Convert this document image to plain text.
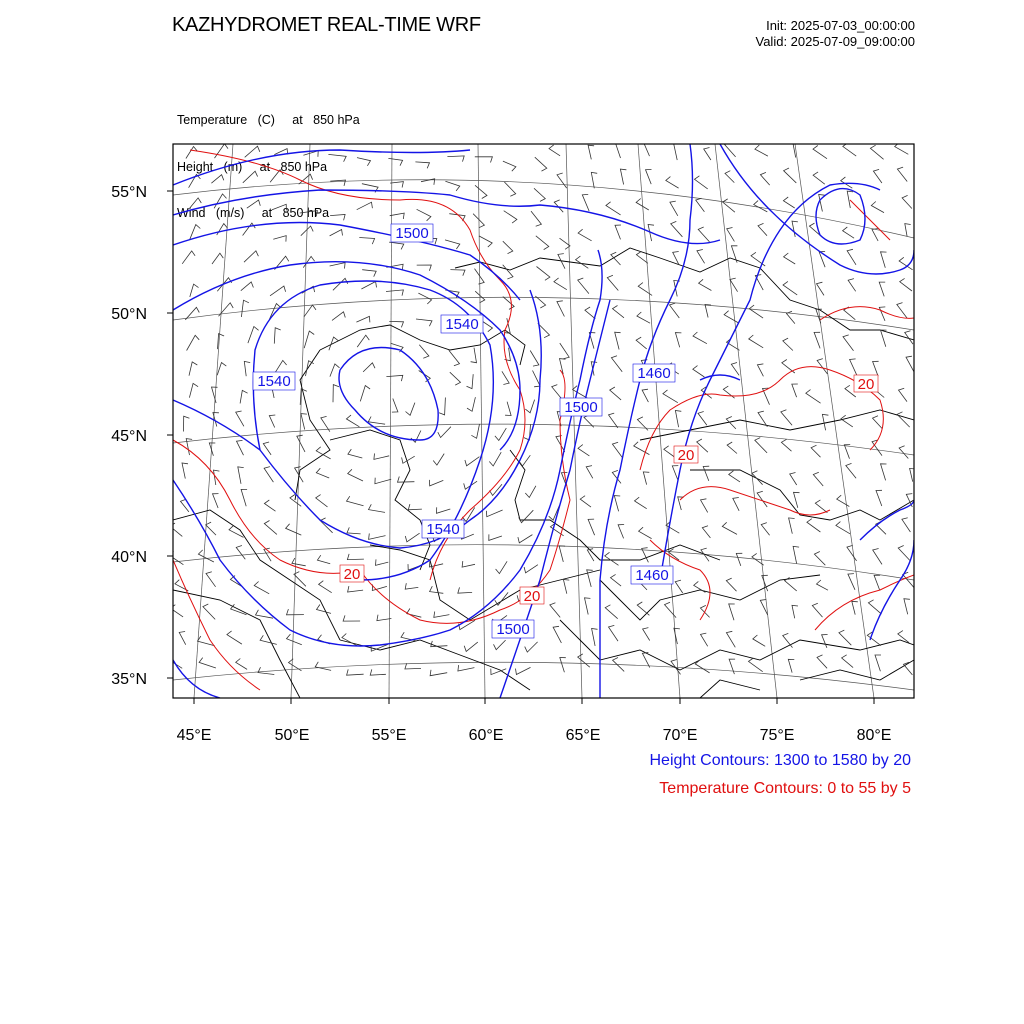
KAZHYDROMET REAL-TIME WRF	Init: 2025-07-03_00:00:00
Valid: 2025-07-09_09:00:00

Temperature   (C)     at   850 hPa

Height   (m)     at   850 hPa

Wind   (m/s)     at   850 hPa

1500
1540
1540
1500
1460
1540
1460
1500
20
20
20
20
55°N
50°N
45°N
40°N
35°N
45°E	50°E	55°E	60°E	65°E	70°E	75°E	80°E
Height Contours: 1300 to 1580 by 20
Temperature Contours: 0 to 55 by 5
